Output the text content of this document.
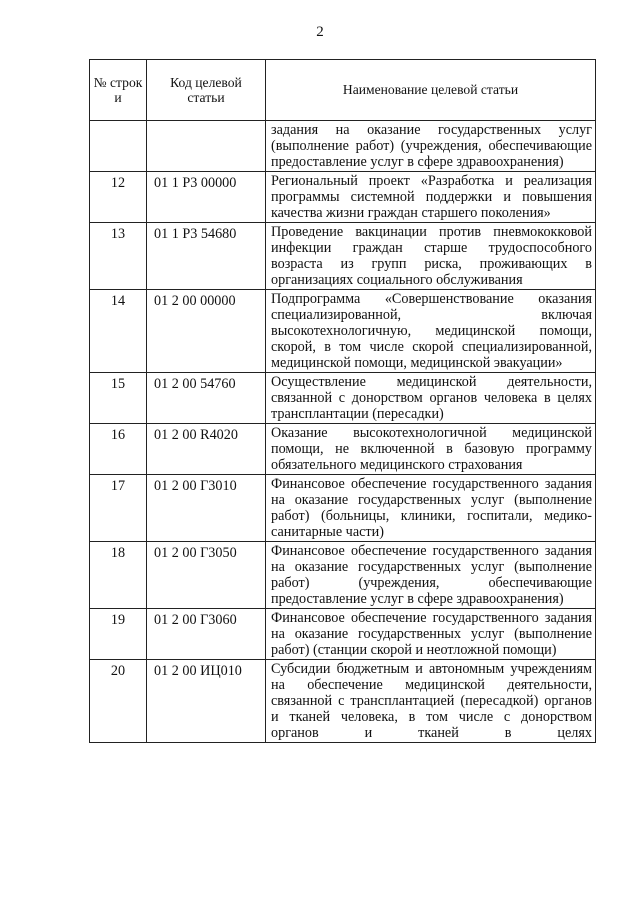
2
№ строк и	Код целевой статьи	Наименование целевой статьи
		задания на оказание государственных услуг (выполнение работ) (учреждения, обеспечивающие предоставление услуг в сфере здравоохранения)
12	01 1 P3 00000	Региональный проект «Разработка и реализация программы системной поддержки и повышения качества жизни граждан старшего поколения»
13	01 1 P3 54680	Проведение вакцинации против пневмококковой инфекции граждан старше трудоспособного возраста из групп риска, проживающих в организациях социального обслуживания
14	01 2 00 00000	Подпрограмма «Совершенствование оказания специализированной, включая высокотехнологичную, медицинской помощи, скорой, в том числе скорой специализированной, медицинской помощи, медицинской эвакуации»
15	01 2 00 54760	Осуществление медицинской деятельности, связанной с донорством органов человека в целях трансплантации (пересадки)
16	01 2 00 R4020	Оказание высокотехнологичной медицинской помощи, не включенной в базовую программу обязательного медицинского страхования
17	01 2 00 Г3010	Финансовое обеспечение государственного задания на оказание государственных услуг (выполнение работ) (больницы, клиники, госпитали, медико-санитарные части)
18	01 2 00 Г3050	Финансовое обеспечение государственного задания на оказание государственных услуг (выполнение работ) (учреждения, обеспечивающие предоставление услуг в сфере здравоохранения)
19	01 2 00 Г3060	Финансовое обеспечение государственного задания на оказание государственных услуг (выполнение работ) (станции скорой и неотложной помощи)
20	01 2 00 ИЦ010	Субсидии бюджетным и автономным учреждениям на обеспечение медицинской деятельности, связанной с трансплантацией (пересадкой) органов и тканей человека, в том числе с донорством органов и тканей в целях
